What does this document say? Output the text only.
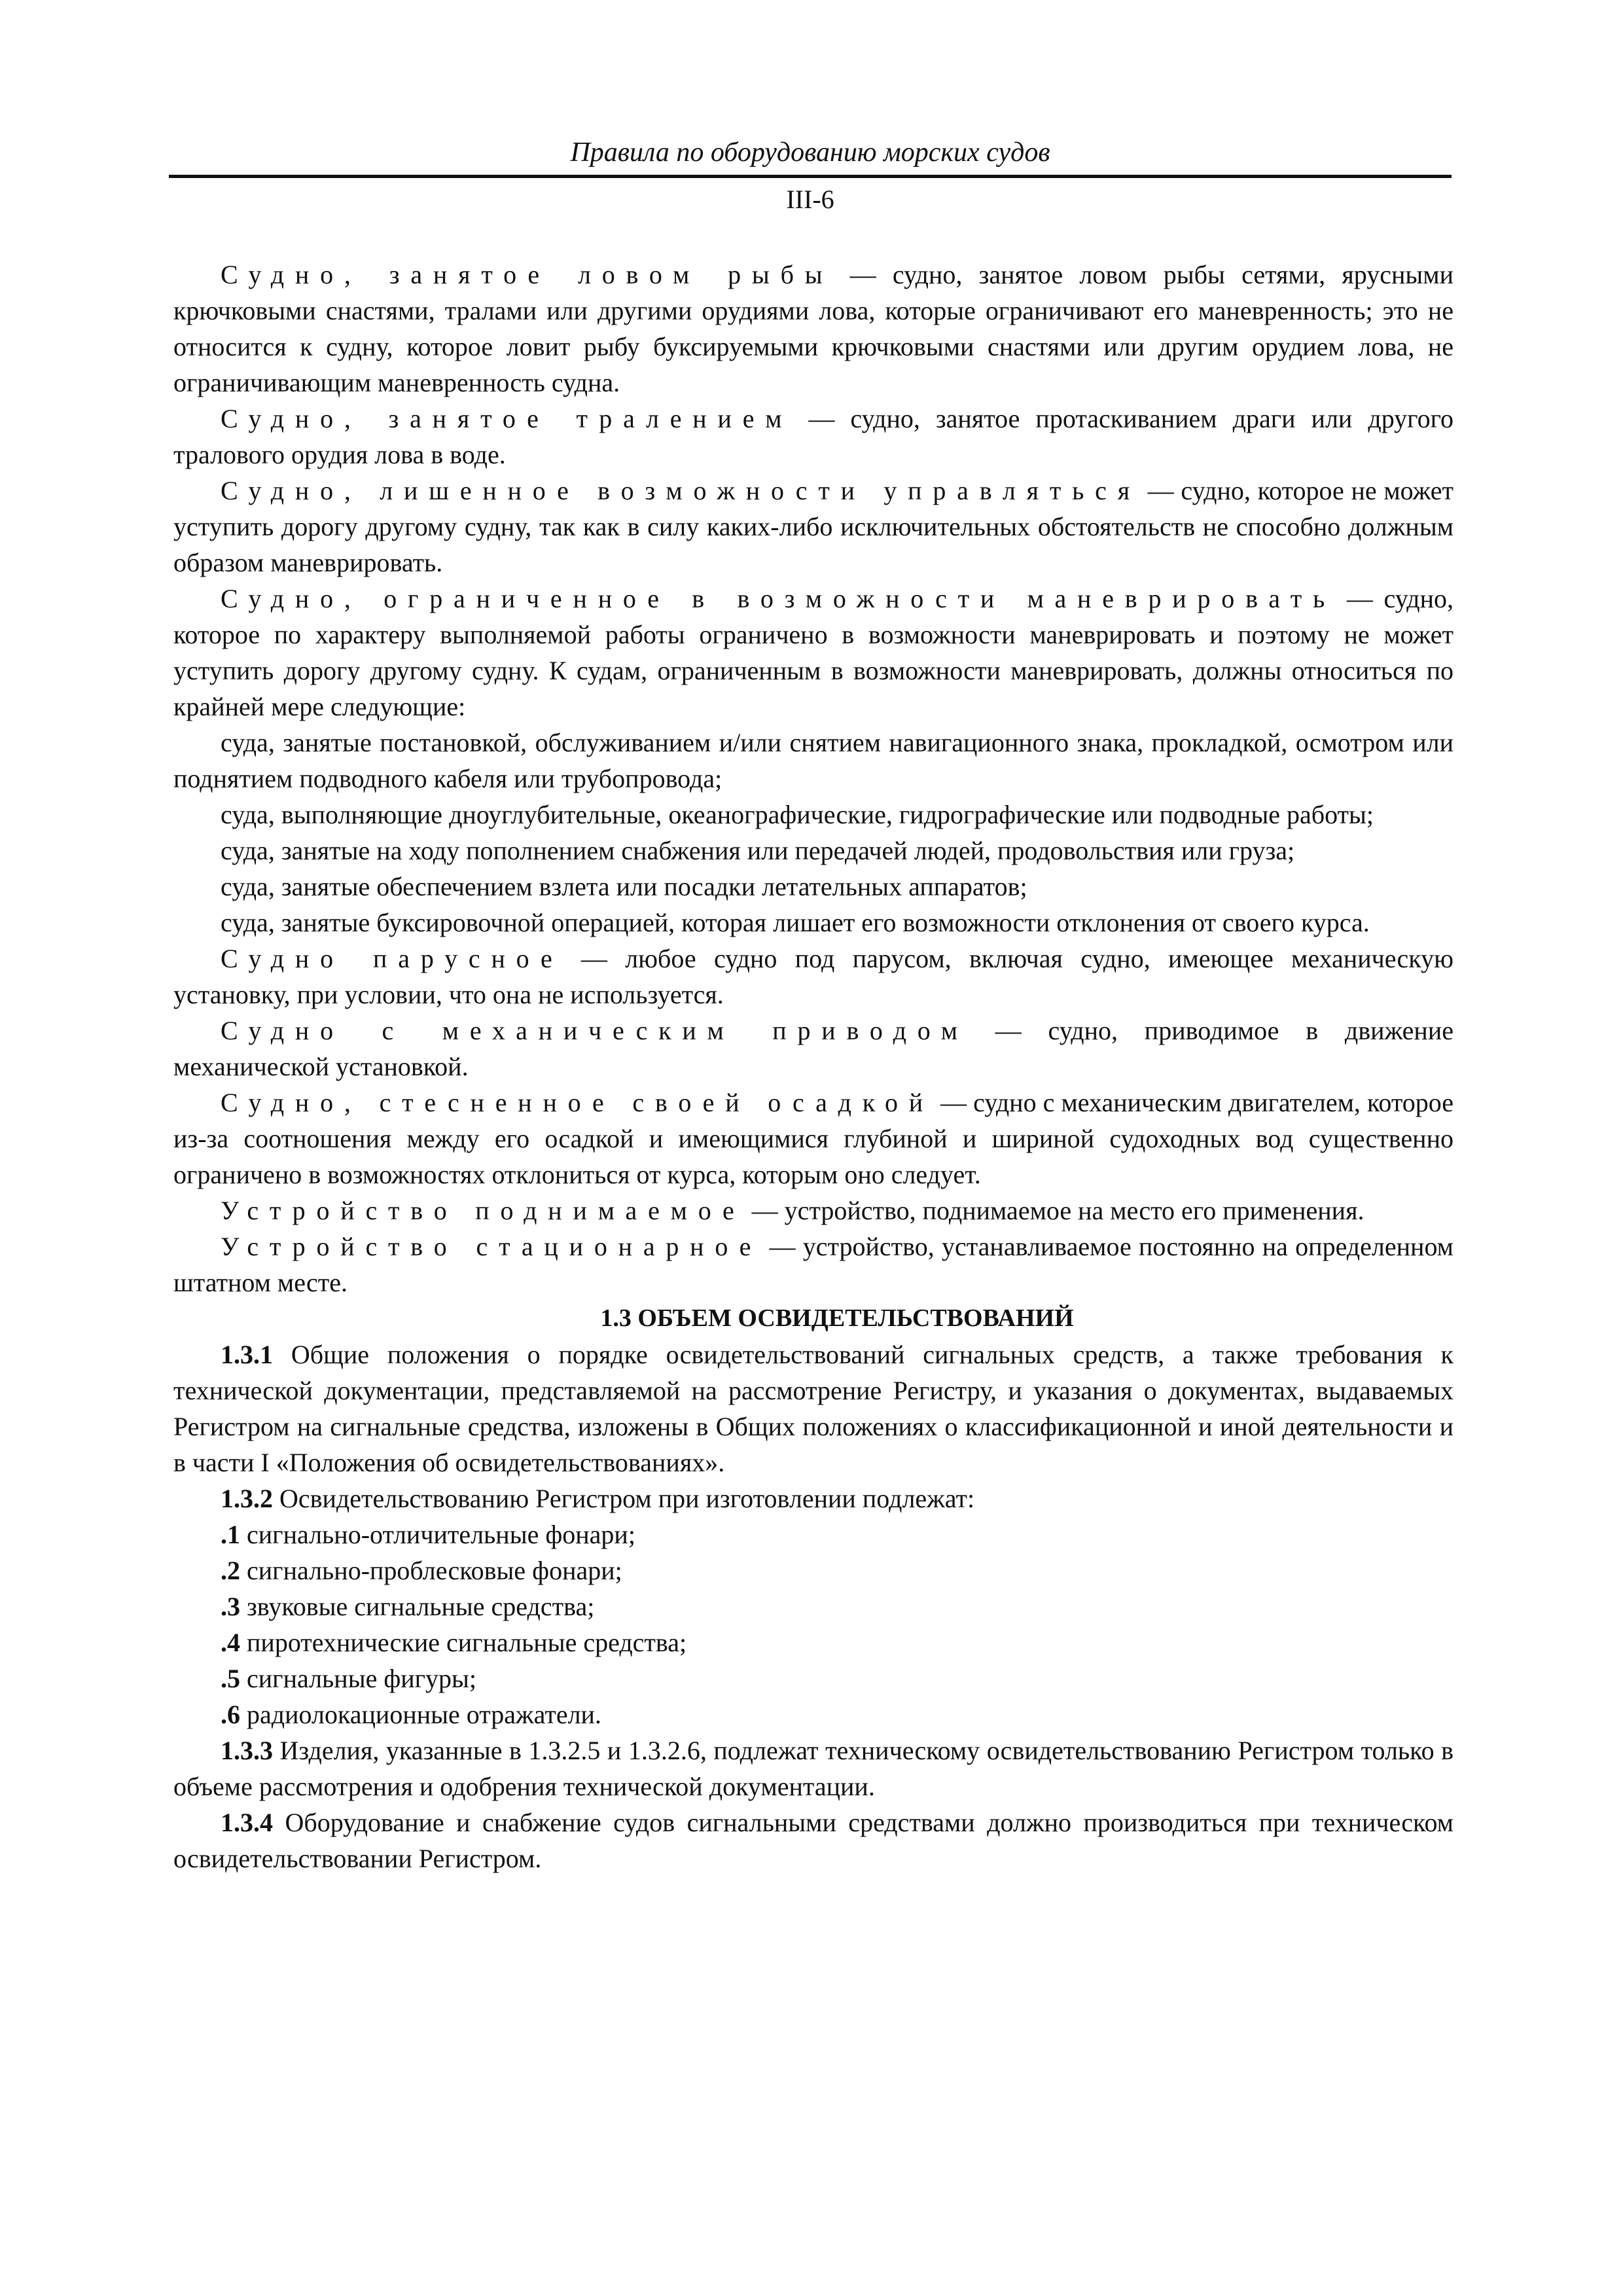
Правила по оборудованию морских судов
III-6

Судно, занятое ловом рыбы — судно, занятое ловом рыбы сетями, ярусными крючковыми снастями, тралами или другими орудиями лова, которые ограничивают его маневренность; это не относится к судну, которое ловит рыбу буксируемыми крючковыми снастями или другим орудием лова, не ограничивающим маневренность судна.

Судно, занятое тралением — судно, занятое протаскиванием драги или другого тралового орудия лова в воде.

Судно, лишенное возможности управляться — судно, которое не может уступить дорогу другому судну, так как в силу каких-либо исключительных обстоятельств не способно должным образом маневрировать.

Судно, ограниченное в возможности маневрировать — судно, которое по характеру выполняемой работы ограничено в возможности маневрировать и поэтому не может уступить дорогу другому судну. К судам, ограниченным в возможности маневрировать, должны относиться по крайней мере следующие:

суда, занятые постановкой, обслуживанием и/или снятием навигационного знака, прокладкой, осмотром или поднятием подводного кабеля или трубопровода;

суда, выполняющие дноуглубительные, океанографические, гидрографические или подводные работы;

суда, занятые на ходу пополнением снабжения или передачей людей, продовольствия или груза;

суда, занятые обеспечением взлета или посадки летательных аппаратов;

суда, занятые буксировочной операцией, которая лишает его возможности отклонения от своего курса.

Судно парусное — любое судно под парусом, включая судно, имеющее механическую установку, при условии, что она не используется.

Судно с механическим приводом — судно, приводимое в движение механической установкой.

Судно, стесненное своей осадкой — судно с механическим двигателем, которое из-за соотношения между его осадкой и имеющимися глубиной и шириной судоходных вод существенно ограничено в возможностях отклониться от курса, которым оно следует.

Устройство поднимаемое — устройство, поднимаемое на место его применения.

Устройство стационарное — устройство, устанавливаемое постоянно на определенном штатном месте.

1.3 ОБЪЕМ ОСВИДЕТЕЛЬСТВОВАНИЙ

1.3.1 Общие положения о порядке освидетельствований сигнальных средств, а также требования к технической документации, представляемой на рассмотрение Регистру, и указания о документах, выдаваемых Регистром на сигнальные средства, изложены в Общих положениях о классификационной и иной деятельности и в части I «Положения об освидетельствованиях».

1.3.2 Освидетельствованию Регистром при изготовлении подлежат:

.1 сигнально-отличительные фонари;

.2 сигнально-проблесковые фонари;

.3 звуковые сигнальные средства;

.4 пиротехнические сигнальные средства;

.5 сигнальные фигуры;

.6 радиолокационные отражатели.

1.3.3 Изделия, указанные в 1.3.2.5 и 1.3.2.6, подлежат техническому освидетельствованию Регистром только в объеме рассмотрения и одобрения технической документации.

1.3.4 Оборудование и снабжение судов сигнальными средствами должно производиться при техническом освидетельствовании Регистром.
